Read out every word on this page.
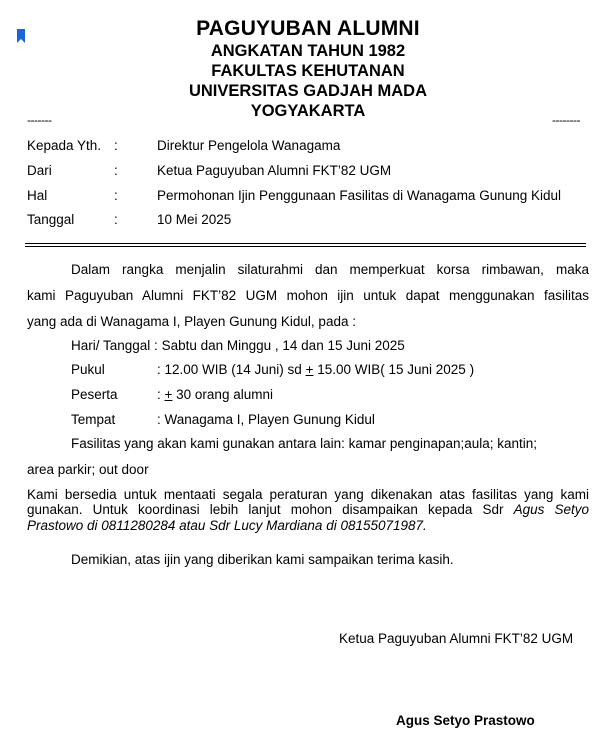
PAGUYUBAN ALUMNI
ANGKATAN TAHUN 1982
FAKULTAS KEHUTANAN
UNIVERSITAS GADJAH MADA
YOGYAKARTA
-------	--------
Kepada Yth. :	Direktur Pengelola Wanagama
Dari	:	Ketua Paguyuban Alumni FKT’82 UGM
Hal	:	Permohonan Ijin Penggunaan Fasilitas di Wanagama Gunung Kidul
Tanggal	:	10 Mei 2025
Dalam rangka menjalin silaturahmi dan memperkuat korsa rimbawan, maka
kami Paguyuban Alumni FKT’82 UGM mohon ijin untuk dapat menggunakan fasilitas
yang ada di Wanagama I, Playen Gunung Kidul, pada :
Hari/ Tanggal : Sabtu dan Minggu , 14 dan 15 Juni 2025
Pukul	: 12.00 WIB (14 Juni) sd + 15.00 WIB( 15 Juni 2025 )
Peserta	: + 30 orang alumni
Tempat	: Wanagama I, Playen Gunung Kidul
Fasilitas yang akan kami gunakan antara lain: kamar penginapan;aula; kantin;
area parkir; out door
Kami bersedia untuk mentaati segala peraturan yang dikenakan atas fasilitas yang kami
gunakan. Untuk koordinasi lebih lanjut mohon disampaikan kepada Sdr Agus Setyo
Prastowo di 0811280284 atau Sdr Lucy Mardiana di 08155071987.
Demikian, atas ijin yang diberikan kami sampaikan terima kasih.
Ketua Paguyuban Alumni FKT’82 UGM
Agus Setyo Prastowo
